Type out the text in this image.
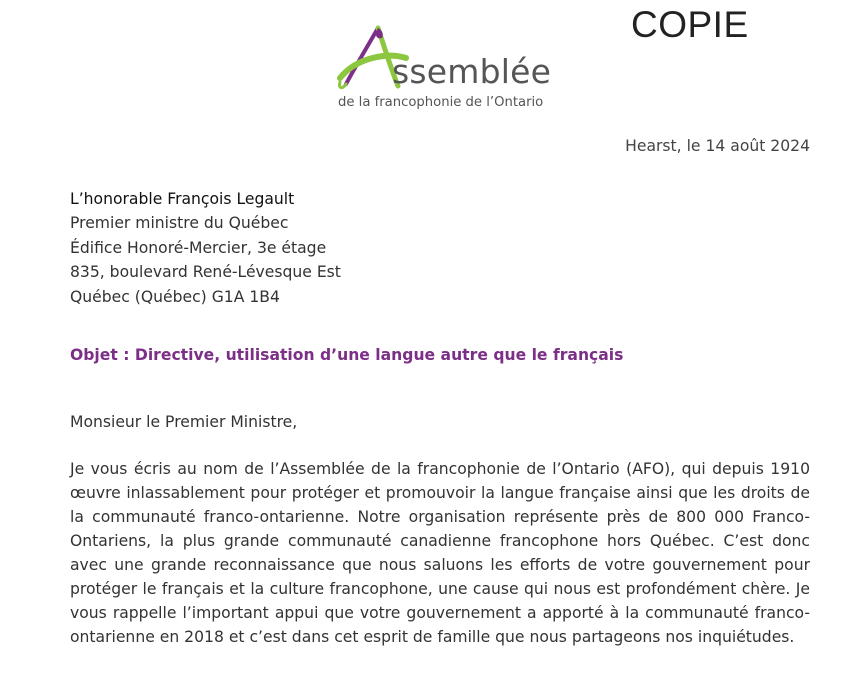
COPIE
ssemblée
de la francophonie de l’Ontario
Hearst, le 14 août 2024
L’honorable François Legault
Premier ministre du Québec
Édifice Honoré-Mercier, 3e étage
835, boulevard René-Lévesque Est
Québec (Québec) G1A 1B4
Objet : Directive, utilisation d’une langue autre que le français
Monsieur le Premier Ministre,
Je vous écris au nom de l’Assemblée de la francophonie de l’Ontario (AFO), qui depuis 1910 œuvre inlassablement pour protéger et promouvoir la langue française ainsi que les droits de la communauté franco-ontarienne. Notre organisation représente près de 800 000 Franco-Ontariens, la plus grande communauté canadienne francophone hors Québec. C’est donc avec une grande reconnaissance que nous saluons les efforts de votre gouvernement pour protéger le français et la culture francophone, une cause qui nous est profondément chère. Je vous rappelle l’important appui que votre gouvernement a apporté à la communauté franco-ontarienne en 2018 et c’est dans cet esprit de famille que nous partageons nos inquiétudes.
